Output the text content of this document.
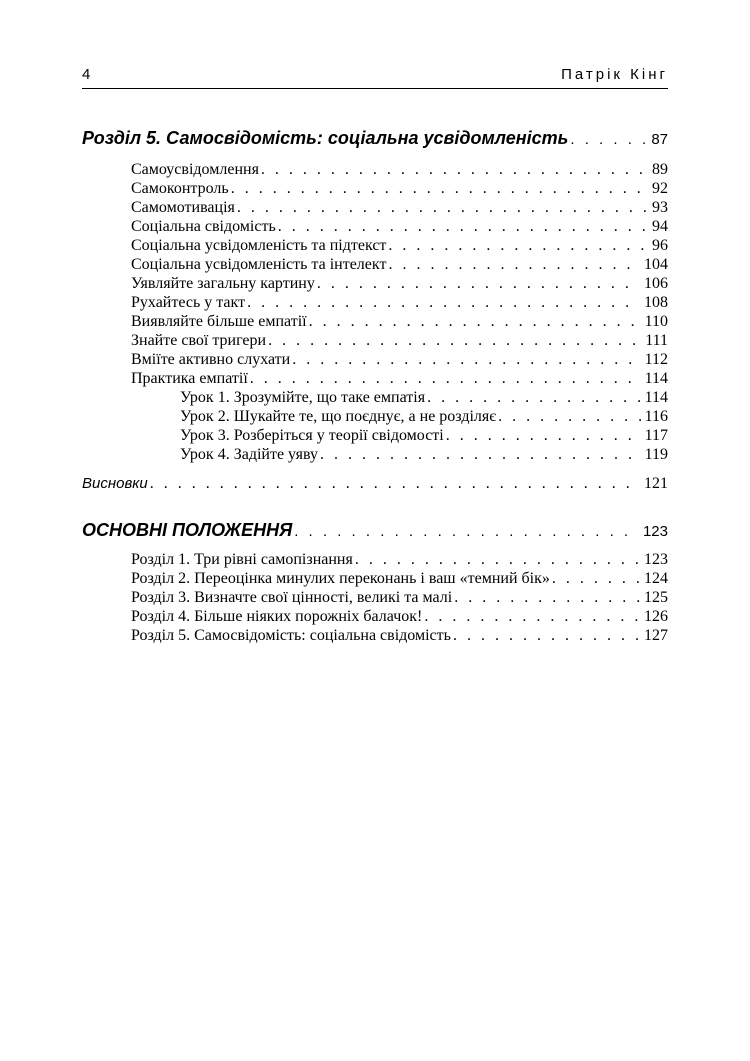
4	Патрік Кінг
Розділ 5. Самосвідомість: соціальна усвідомленість . . .	87
Самоусвідомлення . . .	89
Самоконтроль . . .	92
Самомотивація . . .	93
Соціальна свідомість . . .	94
Соціальна усвідомленість та підтекст . . .	96
Соціальна усвідомленість та інтелект . . .	104
Уявляйте загальну картину . . .	106
Рухайтесь у такт . . .	108
Виявляйте більше емпатії . . .	110
Знайте свої тригери . . .	111
Вміїте активно слухати . . .	112
Практика емпатії . . .	114
Урок 1. Зрозумійте, що таке емпатія . . .	114
Урок 2. Шукайте те, що поєднує, а не розділяє . . .	116
Урок 3. Розберіться у теорії свідомості . . .	117
Урок 4. Задійте уяву . . .	119
Висновки . . .	121
ОСНОВНІ ПОЛОЖЕННЯ . . .	123
Розділ 1. Три рівні самопізнання . . .	123
Розділ 2. Переоцінка минулих переконань і ваш «темний бік» . . .	124
Розділ 3. Визначте свої цінності, великі та малі . . .	125
Розділ 4. Більше ніяких порожніх балачок! . . .	126
Розділ 5. Самосвідомість: соціальна свідомість . . .	127
